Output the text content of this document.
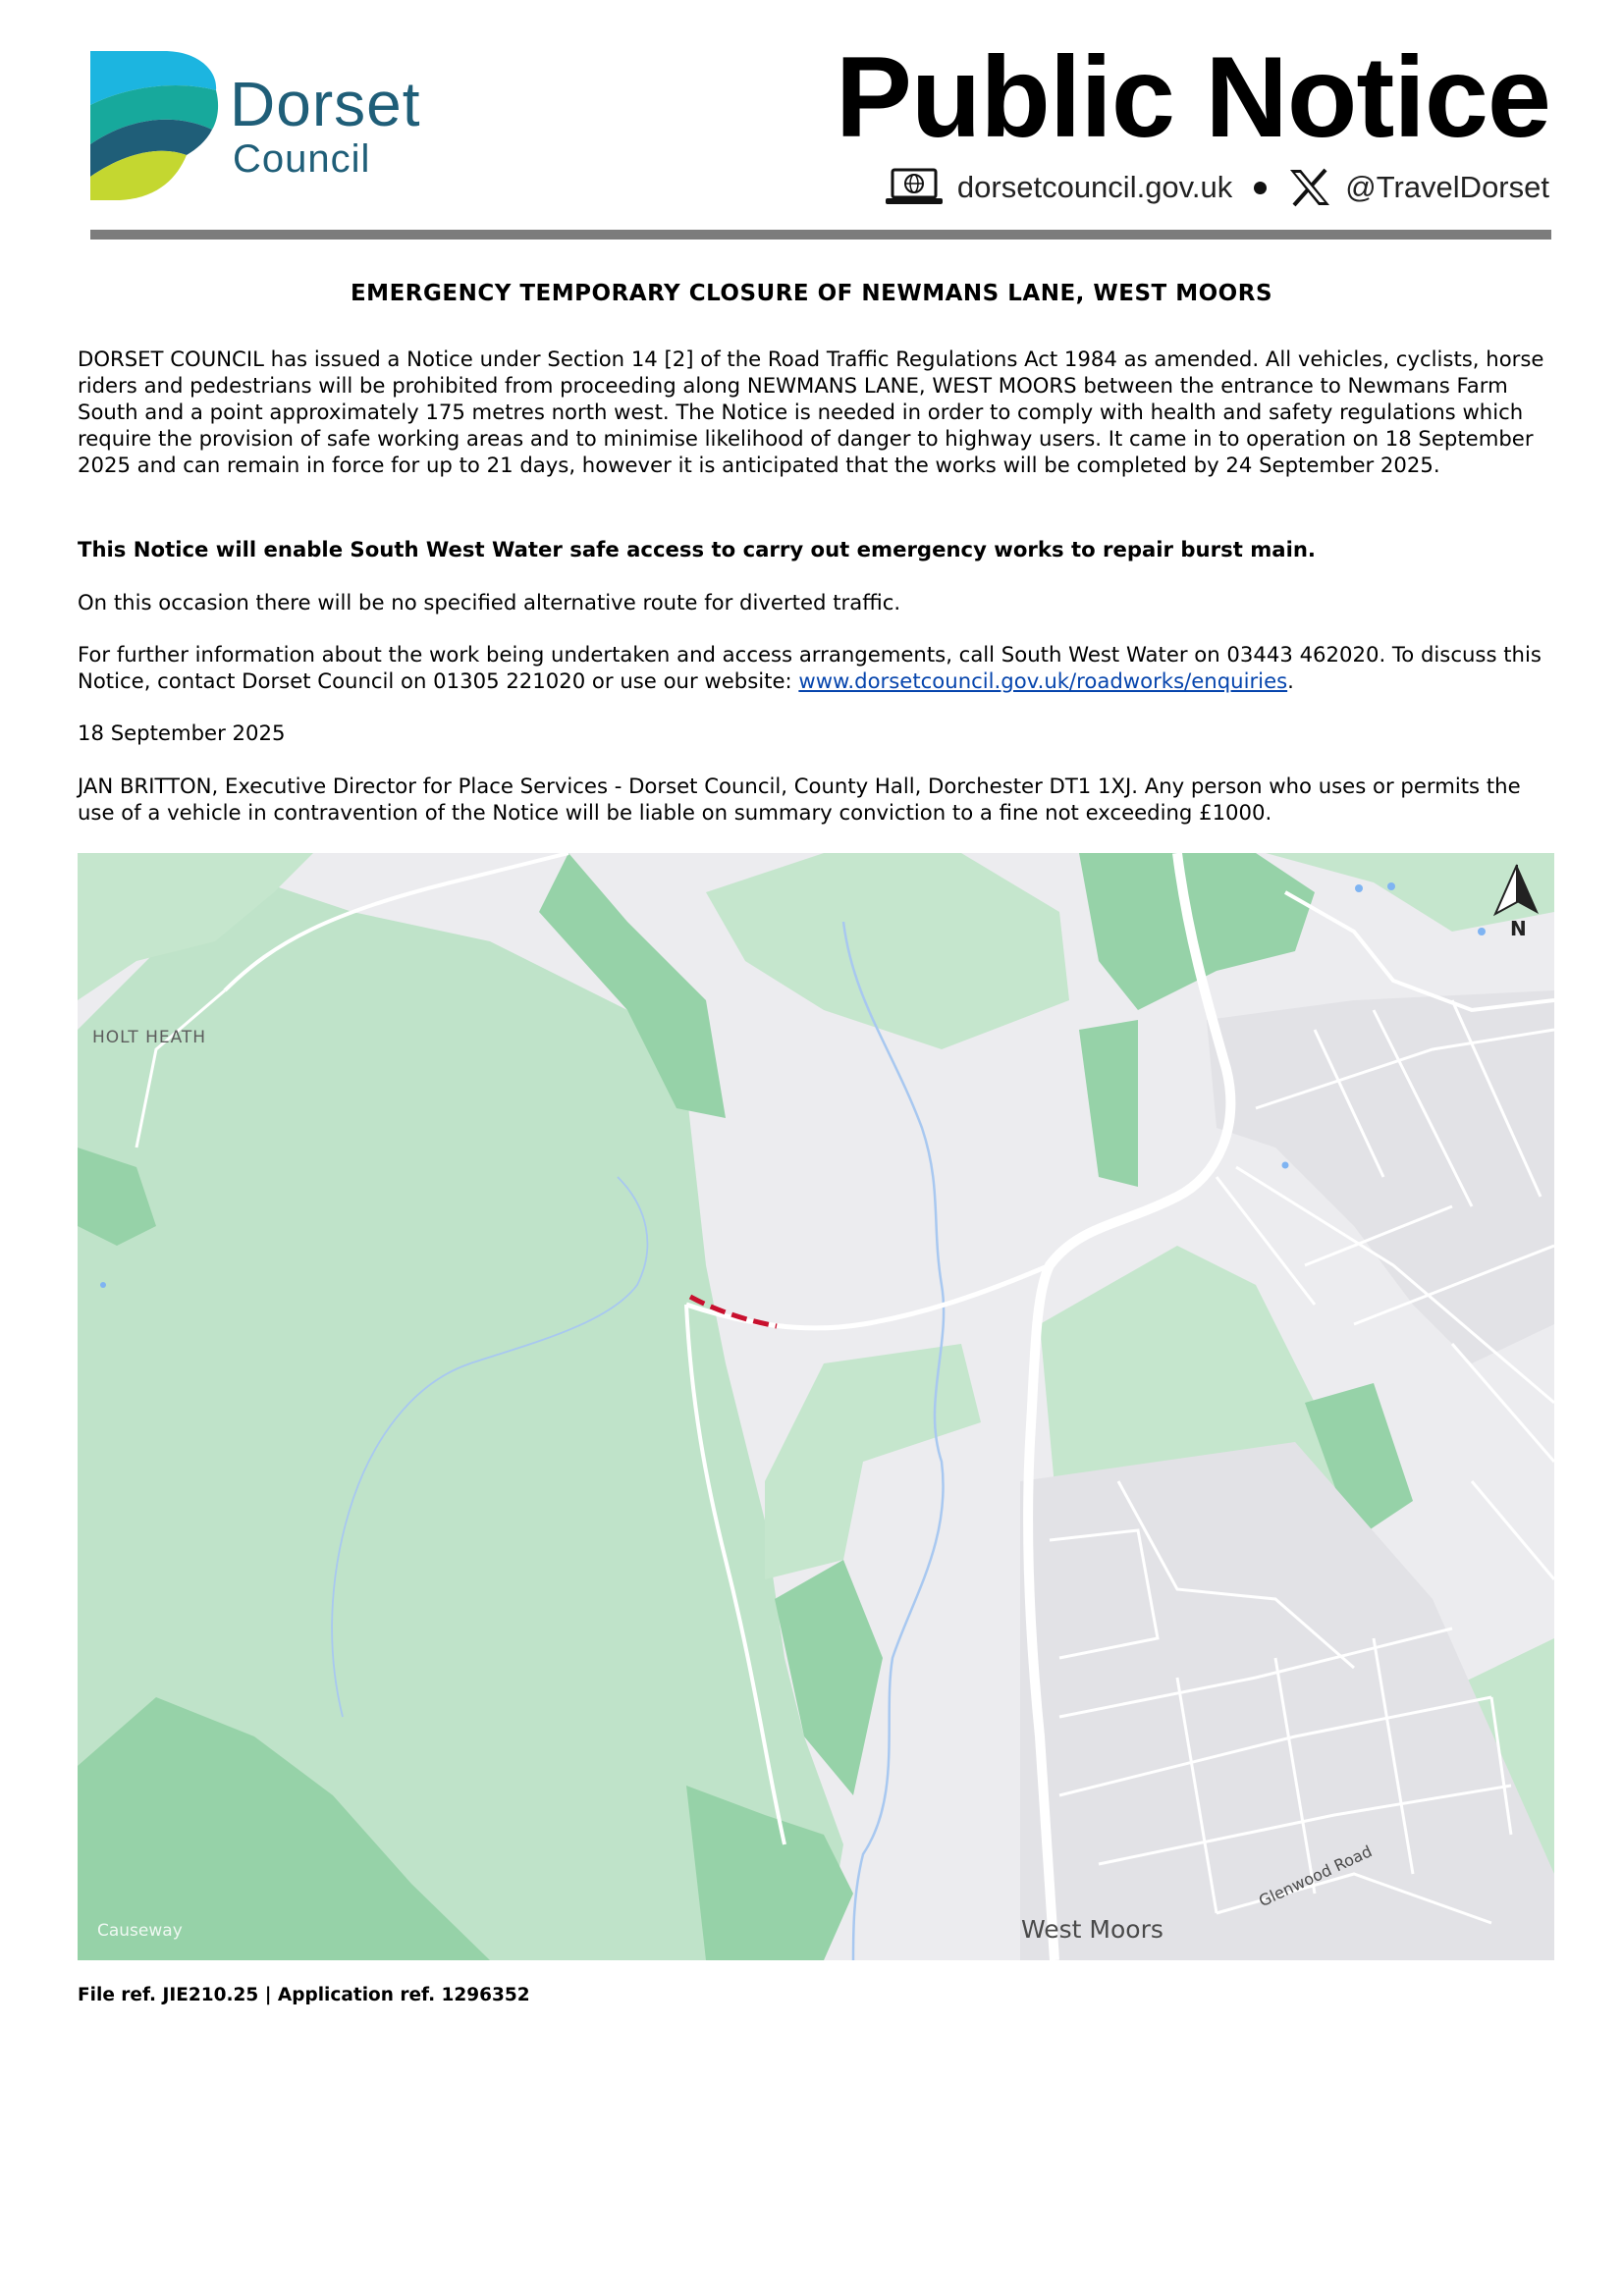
Dorset
Council	Public Notice
dorsetcouncil.gov.uk	@TravelDorset
EMERGENCY TEMPORARY CLOSURE OF NEWMANS LANE, WEST MOORS

DORSET COUNCIL has issued a Notice under Section 14 [2] of the Road Traffic Regulations Act 1984 as amended. All vehicles, cyclists, horse riders and pedestrians will be prohibited from proceeding along NEWMANS LANE, WEST MOORS between the entrance to Newmans Farm South and a point approximately 175 metres north west. The Notice is needed in order to comply with health and safety regulations which require the provision of safe working areas and to minimise likelihood of danger to highway users. It came in to operation on 18 September 2025 and can remain in force for up to 21 days, however it is anticipated that the works will be completed by 24 September 2025.

This Notice will enable South West Water safe access to carry out emergency works to repair burst main.

On this occasion there will be no specified alternative route for diverted traffic.

For further information about the work being undertaken and access arrangements, call South West Water on 03443 462020. To discuss this Notice, contact Dorset Council on 01305 221020 or use our website: www.dorsetcouncil.gov.uk/roadworks/enquiries.

18 September 2025

JAN BRITTON, Executive Director for Place Services - Dorset Council, County Hall, Dorchester DT1 1XJ. Any person who uses or permits the use of a vehicle in contravention of the Notice will be liable on summary conviction to a fine not exceeding £1000.

HOLT HEATH
West Moors
Glenwood Road
Causeway
N
File ref. JIE210.25 | Application ref. 1296352
